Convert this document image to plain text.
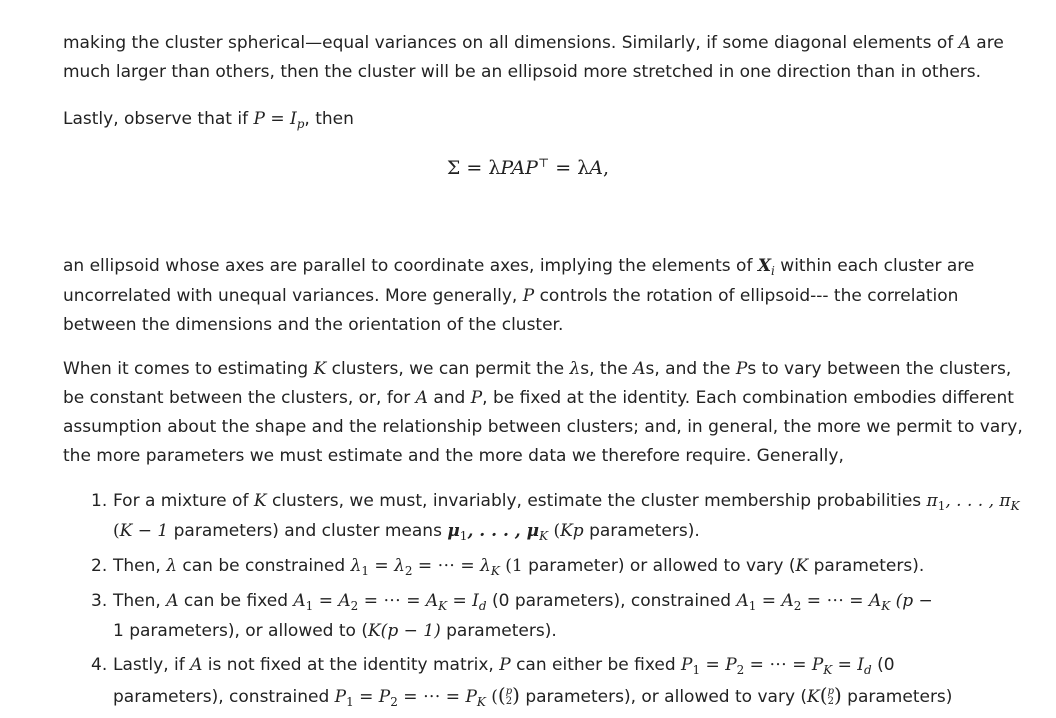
making the cluster spherical—equal variances on all dimensions. Similarly, if some diagonal elements of A are
much larger than others, then the cluster will be an ellipsoid more stretched in one direction than in others.

Lastly, observe that if $P = I_p$, then

Σ = λPAP⊤ = λA,

an ellipsoid whose axes are parallel to coordinate axes, implying the elements of $X_i$ within each cluster are
uncorrelated with unequal variances. More generally, P controls the rotation of ellipsoid--- the correlation
between the dimensions and the orientation of the cluster.

When it comes to estimating K clusters, we can permit the λs, the As, and the Ps to vary between the clusters,
be constant between the clusters, or, for A and P, be fixed at the identity. Each combination embodies different
assumption about the shape and the relationship between clusters; and, in general, the more we permit to vary,
the more parameters we must estimate and the more data we therefore require. Generally,

1. For a mixture of K clusters, we must, invariably, estimate the cluster membership probabilities $\pi_1$, . . . , $\pi_K$
(K − 1 parameters) and cluster means $\mu_1$, . . . , $\mu_K$ (Kp parameters).
2. Then, λ can be constrained $\lambda_1 = \lambda_2$ = ⋅⋅⋅ = $\lambda_K$ (1 parameter) or allowed to vary (K parameters).
3. Then, A can be fixed $A_1 = A_2$ = ⋅⋅⋅ = $A_K = I_d$ (0 parameters), constrained $A_1 = A_2$ = ⋅⋅⋅ = $A_K$ (p −
1 parameters), or allowed to (K(p − 1) parameters).
4. Lastly, if A is not fixed at the identity matrix, P can either be fixed $P_1 = P_2$ = ⋅⋅⋅ = $P_K = I_d$ (0
parameters), constrained $P_1 = P_2$ = ⋅⋅⋅ = $P_K$ (( p
2 ) parameters), or allowed to vary (K( p
2 ) parameters)
